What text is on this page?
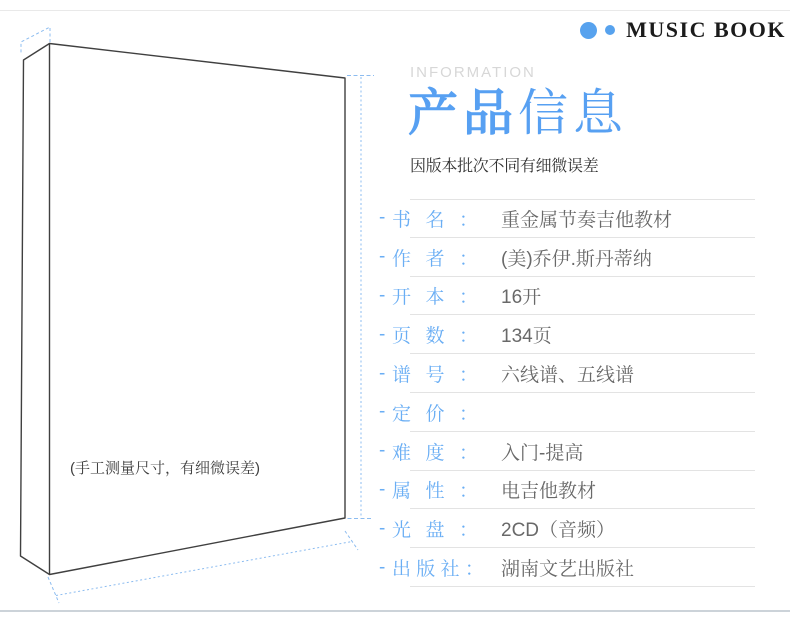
MUSIC BOOK
(手工测量尺寸，有细微误差)
INFORMATION
产品信息
因版本批次不同有细微误差
- 书 名 ： 重金属节奏吉他教材
- 作 者 ： (美)乔伊.斯丹蒂纳
- 开 本 ： 16开
- 页 数 ： 134页
- 谱 号 ： 六线谱、五线谱
- 定 价 ：
- 难 度 ： 入门-提高
- 属 性 ： 电吉他教材
- 光 盘 ： 2CD（音频）
- 出 版 社 ： 湖南文艺出版社
